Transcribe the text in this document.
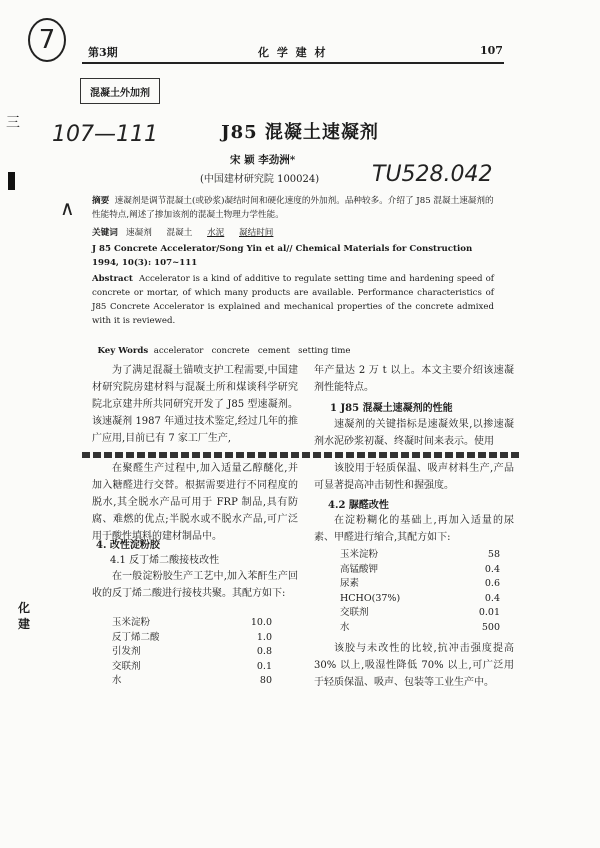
7	第3期	化 学 建 材	107
混凝土外加剂
三 107—111
TU528.042
∧
J85 混凝土速凝剂
宋 颖 李劲洲*
(中国建材研究院 100024)
摘要 速凝剂是调节混凝土(或砂浆)凝结时间和硬化速度的外加剂。品种较多。介绍了 J85 混凝土速凝剂的性能特点,阐述了掺加该剂的混凝土物理力学性能。
关键词 速凝剂 混凝土 水泥 凝结时间
J 85 Concrete Accelerator/Song Yin et al// Chemical Materials for Construction
1994, 10(3): 107~111
Abstract Accelerator is a kind of additive to regulate setting time and hardening speed of concrete or mortar, of which many products are available. Performance characteristics of J85 Concrete Accelerator is explained and mechanical properties of the concrete admixed with it is reviewed.

Key Words accelerator   concrete   cement   setting time

为了满足混凝土锚喷支护工程需要,中国建材研究院房建材料与混凝土所和煤谈科学研究院北京建井所共同研究开发了 J85 型速凝剂。该速凝剂 1987 年通过技术鉴定,经过几年的推广应用,目前已有 7 家工厂生产,
年产量达 2 万 t 以上。本文主要介绍该速凝剂性能特点。
1 J85 混凝土速凝剂的性能
速凝剂的关键指标是速凝效果,以掺速凝剂水泥砂浆初凝、终凝时间来表示。使用
在聚醛生产过程中,加入适量乙醇醚化,并加入糖醛进行交替。根据需要进行不同程度的脱水,其全脱水产品可用于 FRP 制品,具有防腐、难燃的优点;半脱水或不脱水产品,可广泛用于酸性填料的建材制品中。
4. 改性淀粉胶
4.1 反丁烯二酸接枝改性
在一般淀粉胶生产工艺中,加入苯酐生产回收的反丁烯二酸进行接枝共聚。其配方如下:
玉米淀粉	10.0
反丁烯二酸	1.0
引发剂	0.8
交联剂	0.1
水	80
该胶用于轻质保温、吸声材料生产,产品可显著提高冲击韧性和握强度。
4.2 脲醛改性
在淀粉糊化的基础上,再加入适量的尿素、甲醛进行缩合,其配方如下:
玉米淀粉	58
高锰酸钾	0.4
尿素	0.6
HCHO(37%)	0.4
交联剂	0.01
水	500
该胶与未改性的比较,抗冲击强度提高 30% 以上,吸湿性降低 70% 以上,可广泛用于轻质保温、吸声、包装等工业生产中。
化
建
